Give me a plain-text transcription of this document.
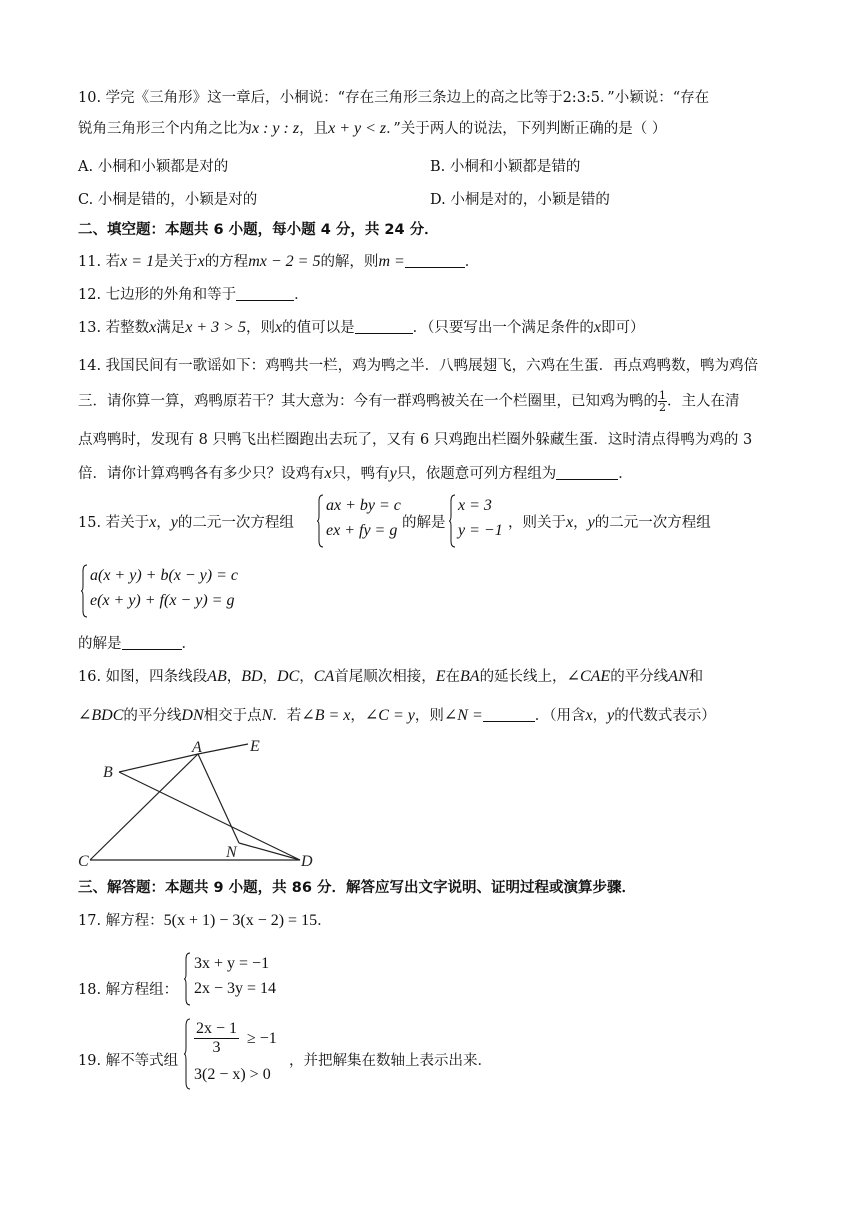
10. 学完《三角形》这一章后，小桐说：“存在三角形三条边上的高之比等于2:3:5．”小颖说：“存在
锐角三角形三个内角之比为x : y : z，且x + y < z．”关于两人的说法，下列判断正确的是（ ）
A. 小桐和小颖都是对的	B. 小桐和小颖都是错的
C. 小桐是错的，小颖是对的	D. 小桐是对的，小颖是错的
二、填空题：本题共 6 小题，每小题 4 分，共 24 分．
11. 若x = 1是关于x的方程mx − 2 = 5的解，则m =	．
12. 七边形的外角和等于	．
13. 若整数x满足x + 3 > 5，则x的值可以是	．（只要写出一个满足条件的x即可）
14. 我国民间有一歌谣如下：鸡鸭共一栏，鸡为鸭之半．八鸭展翅飞，六鸡在生蛋．再点鸡鸭数，鸭为鸡倍
三．请你算一算，鸡鸭原若干？其大意为：今有一群鸡鸭被关在一个栏圈里，已知鸡为鸭的 $\frac{1}{2}$ ．主人在清
点鸡鸭时，发现有 8 只鸭飞出栏圈跑出去玩了，又有 6 只鸡跑出栏圈外躲藏生蛋．这时清点得鸭为鸡的 3
倍．请你计算鸡鸭各有多少只？设鸡有x只，鸭有y只，依题意可列方程组为	．
15. 若关于x，y的二元一次方程组
ax + by = c
ex + fy = g 的解是
x = 3
y = −1 ，则关于x，y的二元一次方程组
a(x + y) + b(x − y) = c
e(x + y) + f(x − y) = g
的解是	．
16. 如图，四条线段AB，BD，DC，CA首尾顺次相接，E在BA的延长线上，∠CAE的平分线AN和
∠BDC的平分线DN相交于点N．若∠B = x，∠C = y，则∠N =	．（用含x，y的代数式表示）
A	E
B
C	D
N
三、解答题：本题共 9 小题，共 86 分．解答应写出文字说明、证明过程或演算步骤．
17. 解方程：5(x + 1) − 3(x − 2) = 15．
18. 解方程组：
3x + y = −1
2x − 3y = 14
19. 解不等式组
2x − 1
3
≥ −1
3(2 − x) > 0
，并把解集在数轴上表示出来．
